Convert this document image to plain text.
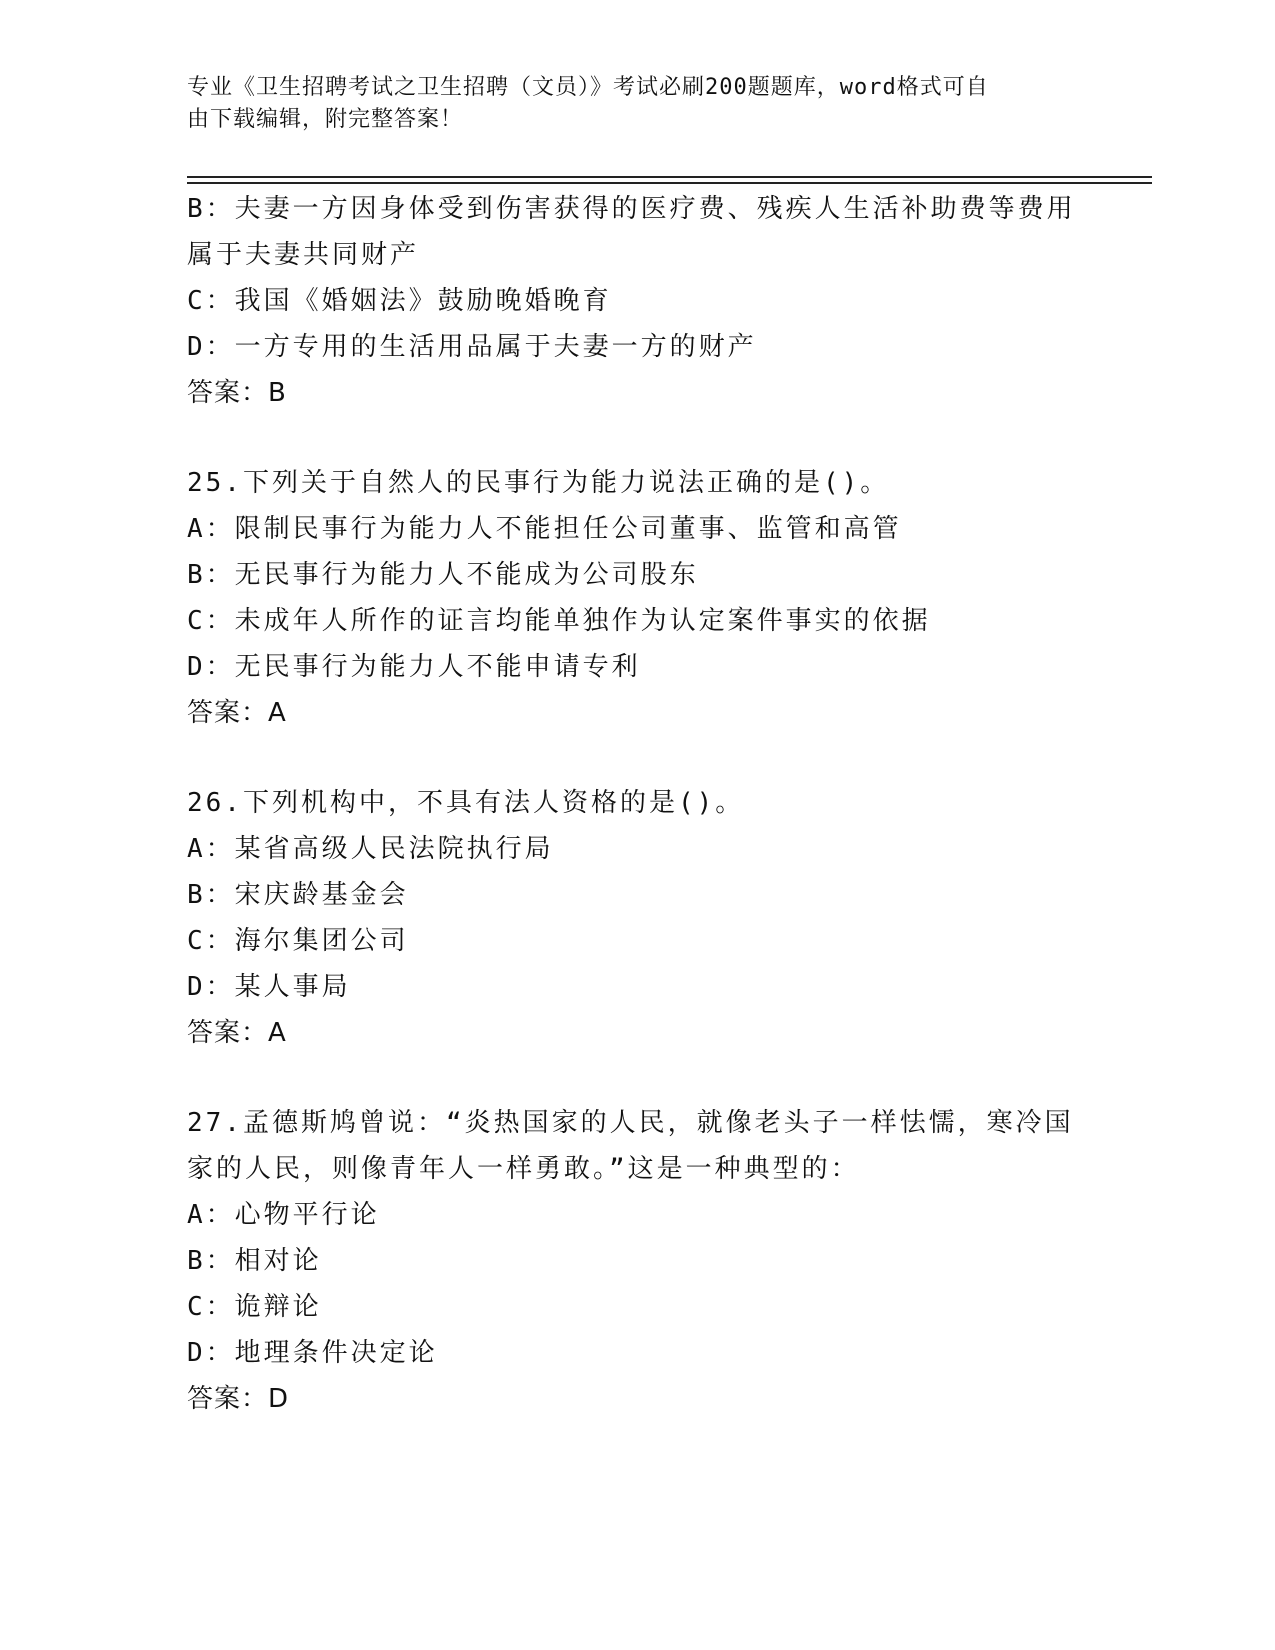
专业《卫生招聘考试之卫生招聘（文员）》考试必刷200题题库，word格式可自
由下载编辑，附完整答案！
B：夫妻一方因身体受到伤害获得的医疗费、残疾人生活补助费等费用
属于夫妻共同财产
C：我国《婚姻法》鼓励晚婚晚育
D：一方专用的生活用品属于夫妻一方的财产
答案：B
25.下列关于自然人的民事行为能力说法正确的是()。
A：限制民事行为能力人不能担任公司董事、监管和高管
B：无民事行为能力人不能成为公司股东
C：未成年人所作的证言均能单独作为认定案件事实的依据
D：无民事行为能力人不能申请专利
答案：A
26.下列机构中，不具有法人资格的是()。
A：某省高级人民法院执行局
B：宋庆龄基金会
C：海尔集团公司
D：某人事局
答案：A
27.孟德斯鸠曾说：“炎热国家的人民，就像老头子一样怯懦，寒冷国
家的人民，则像青年人一样勇敢。”这是一种典型的：
A：心物平行论
B：相对论
C：诡辩论
D：地理条件决定论
答案：D
